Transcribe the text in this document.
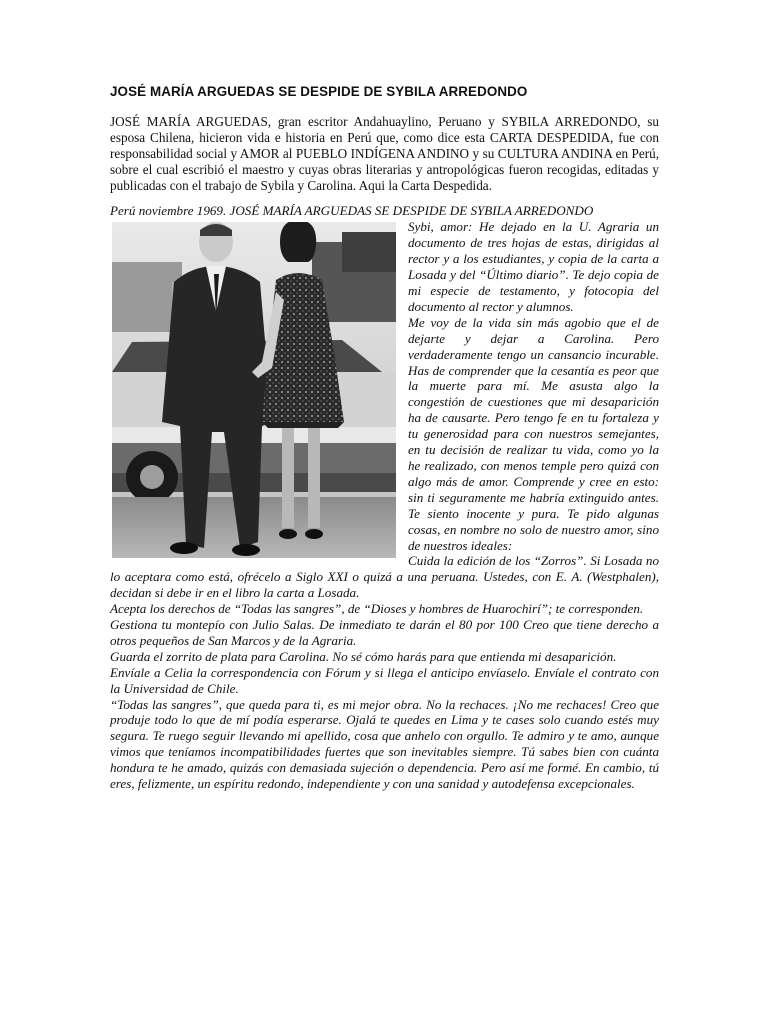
JOSÉ MARÍA ARGUEDAS SE DESPIDE DE SYBILA ARREDONDO

JOSÉ MARÍA ARGUEDAS, gran escritor Andahuaylino, Peruano y SYBILA ARREDONDO, su esposa Chilena, hicieron vida e historia en Perú que, como dice esta CARTA DESPEDIDA, fue con responsabilidad social y AMOR al PUEBLO INDÍGENA ANDINO y su CULTURA ANDINA en Perú, sobre el cual escribió el maestro y cuyas obras literarias y antropológicas fueron recogidas, editadas y publicadas con el trabajo de Sybila y Carolina. Aqui la Carta Despedida.

Perú noviembre 1969. JOSÉ MARÍA ARGUEDAS SE DESPIDE DE SYBILA ARREDONDO

Sybi, amor: He dejado en la U. Agraria un documento de tres hojas de estas, dirigidas al rector y a los estudiantes, y copia de la carta a Losada y del “Último diario”. Te dejo copia de mi especie de testamento, y fotocopia del documento al rector y alumnos.

Me voy de la vida sin más agobio que el de dejarte y dejar a Carolina. Pero verdaderamente tengo un cansancio incurable. Has de comprender que la cesantía es peor que la muerte para mí. Me asusta algo la congestión de cuestiones que mi desaparición ha de causarte. Pero tengo fe en tu fortaleza y tu generosidad para con nuestros semejantes, en tu decisión de realizar tu vida, como yo la he realizado, con menos temple pero quizá con algo más de amor. Comprende y cree en esto: sin ti seguramente me habría extinguido antes. Te siento inocente y pura. Te pido algunas cosas, en nombre no solo de nuestro amor, sino de nuestros ideales:

Cuida la edición de los “Zorros”. Si Losada no lo aceptara como está, ofrécelo a Siglo XXI o quizá a una peruana. Ustedes, con E. A. (Westphalen), decidan si debe ir en el libro la carta a Losada.

Acepta los derechos de “Todas las sangres”, de “Dioses y hombres de Huarochirí”; te corresponden.

Gestiona tu montepío con Julio Salas. De inmediato te darán el 80 por 100 Creo que tiene derecho a otros pequeños de San Marcos y de la Agraria.

Guarda el zorrito de plata para Carolina. No sé cómo harás para que entienda mi desaparición.

Envíale a Celia la correspondencia con Fórum y si llega el anticipo envíaselo. Envíale el contrato con la Universidad de Chile.

“Todas las sangres”, que queda para ti, es mi mejor obra. No la rechaces. ¡No me rechaces! Creo que produje todo lo que de mí podía esperarse. Ojalá te quedes en Lima y te cases solo cuando estés muy segura. Te ruego seguir llevando mi apellido, cosa que anhelo con orgullo. Te admiro y te amo, aunque vimos que teníamos incompatibilidades fuertes que son inevitables siempre. Tú sabes bien con cuánta hondura te he amado, quizás con demasiada sujeción o dependencia. Pero así me formé. En cambio, tú eres, felizmente, un espíritu redondo, independiente y con una sanidad y autodefensa excepcionales.
